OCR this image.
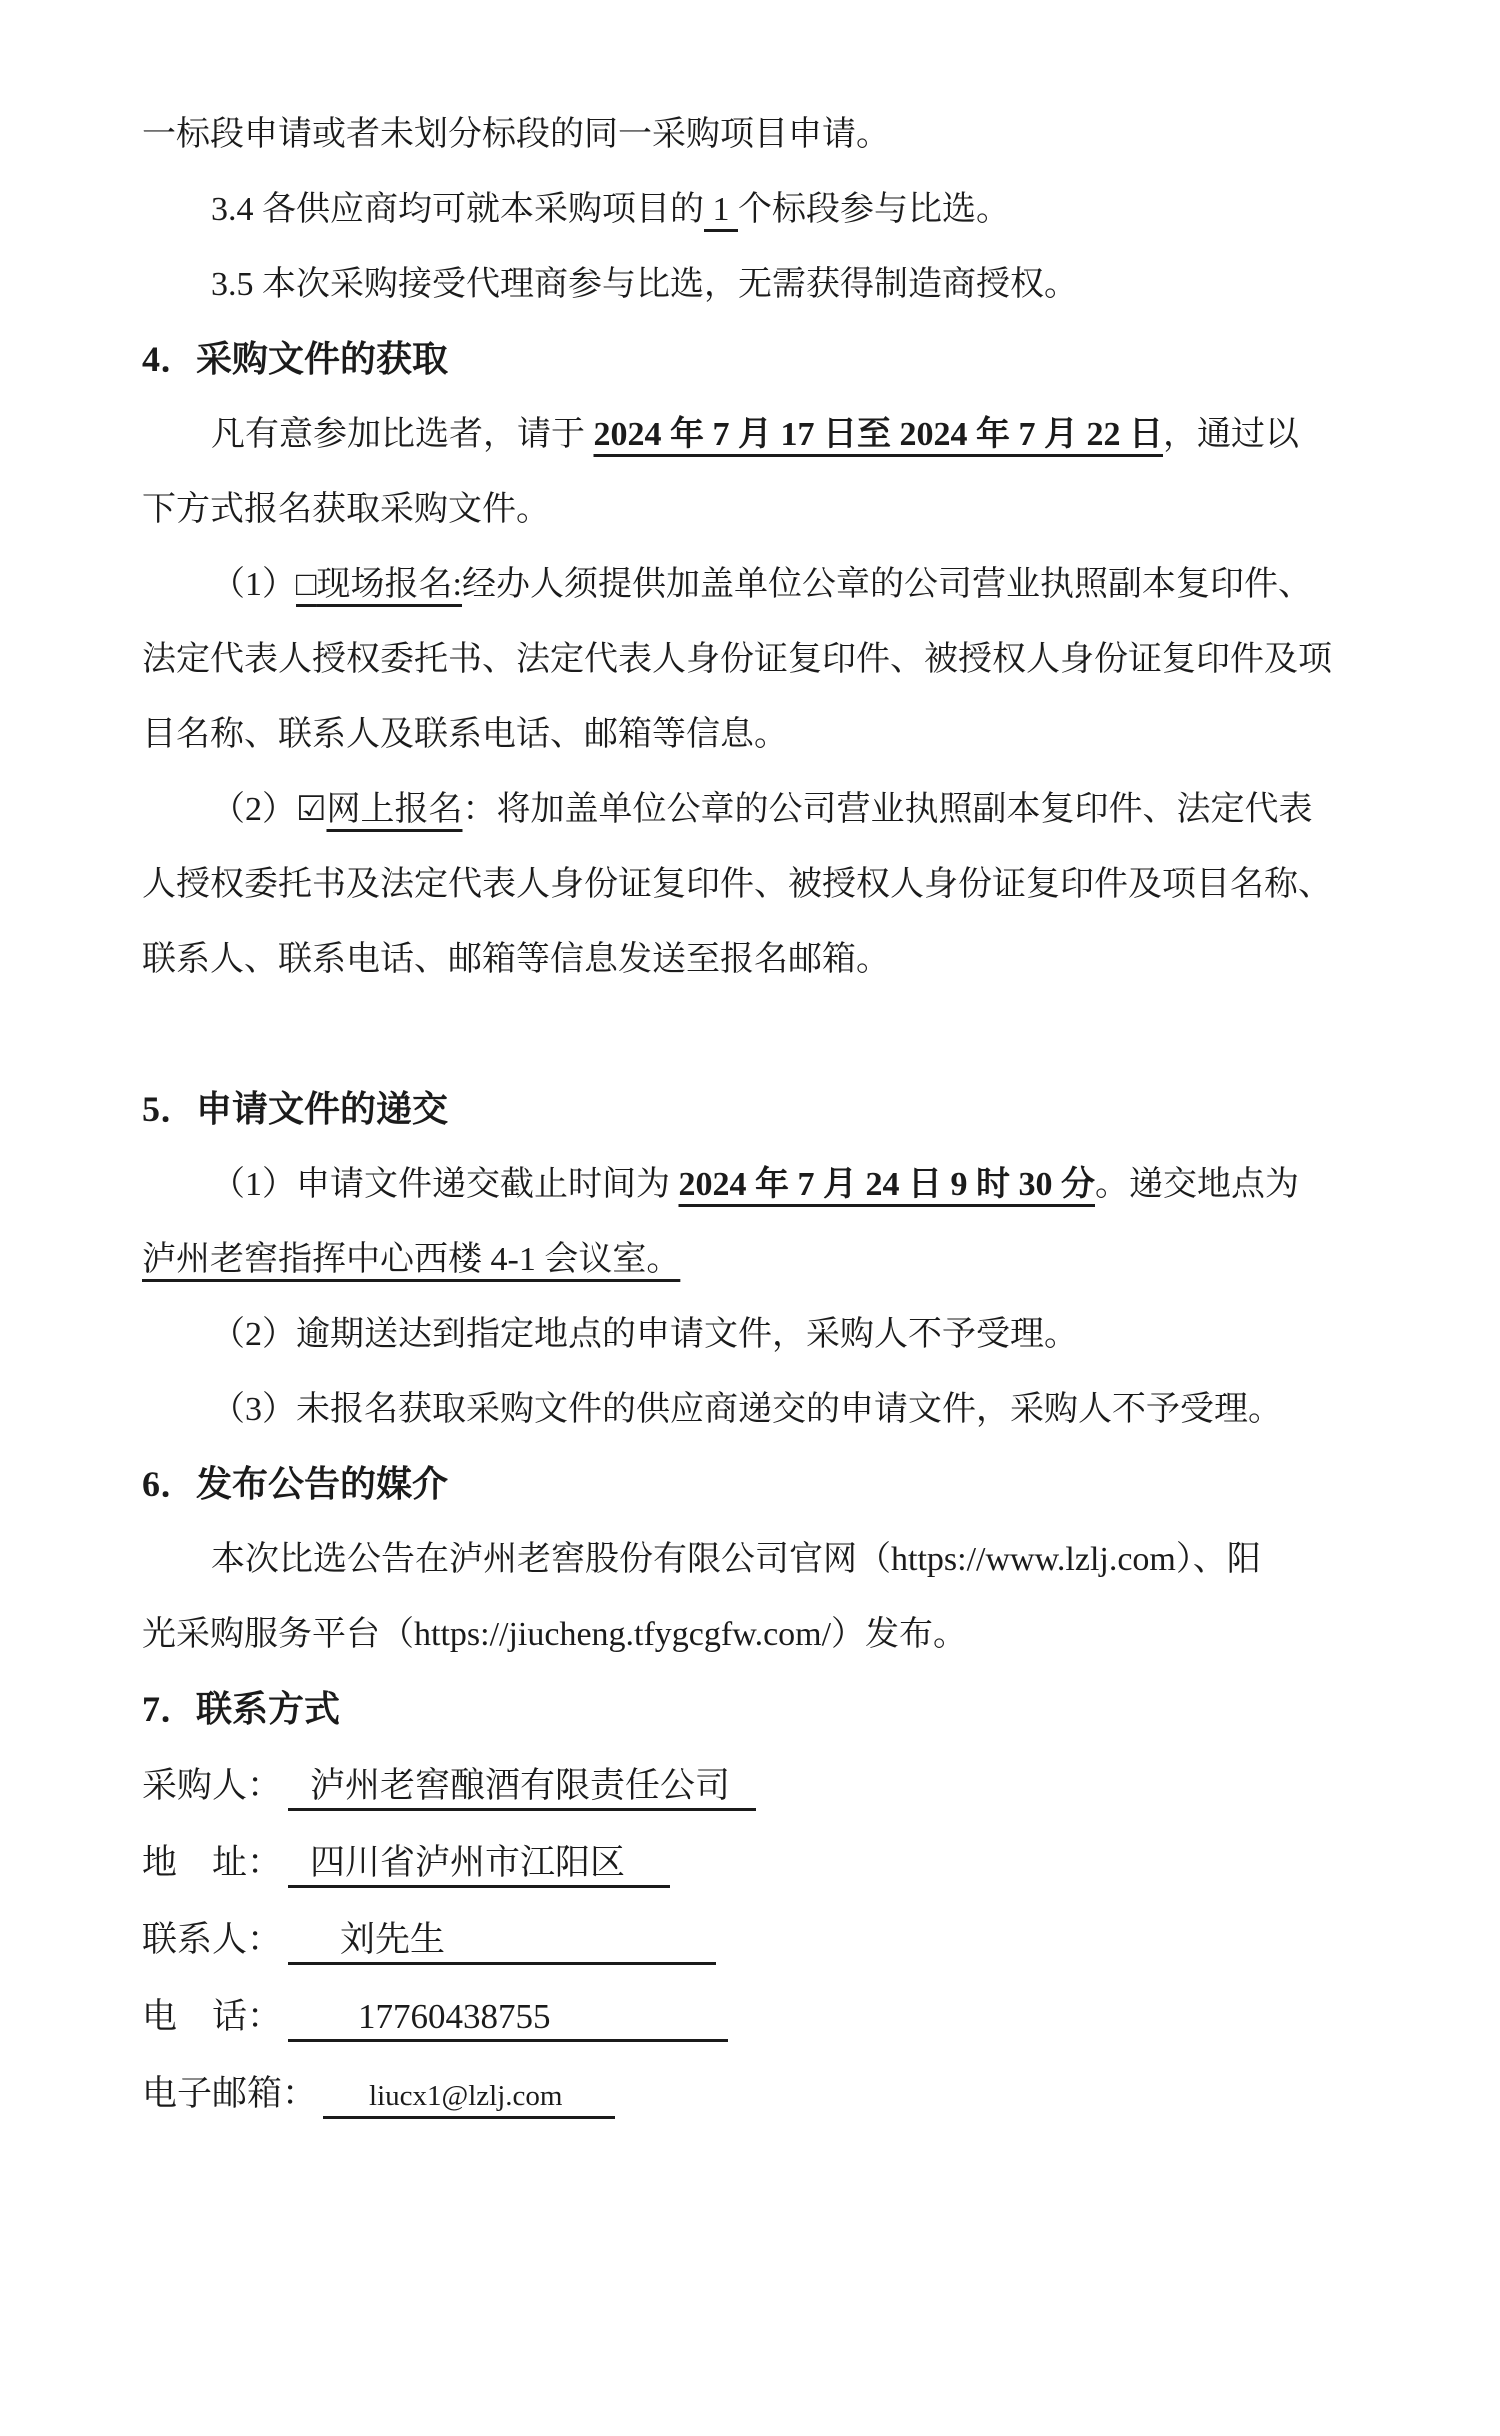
一标段申请或者未划分标段的同一采购项目申请。

3.4 各供应商均可就本采购项目的 1 个标段参与比选。

3.5 本次采购接受代理商参与比选，无需获得制造商授权。

4．采购文件的获取

凡有意参加比选者，请于 2024 年 7 月 17 日至 2024 年 7 月 22 日，通过以

下方式报名获取采购文件。

（1）□现场报名:经办人须提供加盖单位公章的公司营业执照副本复印件、

法定代表人授权委托书、法定代表人身份证复印件、被授权人身份证复印件及项

目名称、联系人及联系电话、邮箱等信息。

（2）☑网上报名：将加盖单位公章的公司营业执照副本复印件、法定代表

人授权委托书及法定代表人身份证复印件、被授权人身份证复印件及项目名称、

联系人、联系电话、邮箱等信息发送至报名邮箱。

5．申请文件的递交

（1）申请文件递交截止时间为 2024 年 7 月 24 日 9 时 30 分。递交地点为

泸州老窖指挥中心西楼 4-1 会议室。

（2）逾期送达到指定地点的申请文件，采购人不予受理。

（3）未报名获取采购文件的供应商递交的申请文件，采购人不予受理。

6．发布公告的媒介

本次比选公告在泸州老窖股份有限公司官网（https://www.lzlj.com）、阳

光采购服务平台（https://jiucheng.tfygcgfw.com/）发布。

7．联系方式

采购人： 泸州老窖酿酒有限责任公司

地　址： 四川省泸州市江阳区

联系人： 刘先生

电　话： 17760438755

电子邮箱： liucx1@lzlj.com
